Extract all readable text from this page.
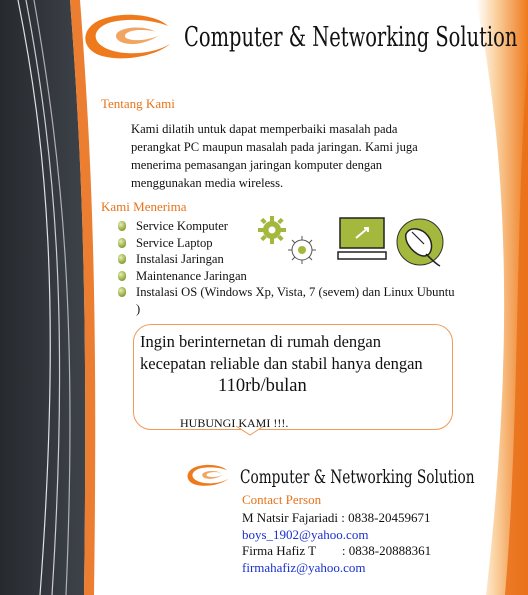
Computer & Networking Solution
Tentang Kami
Kami dilatih untuk dapat memperbaiki masalah pada perangkat PC maupun masalah pada jaringan. Kami juga menerima pemasangan jaringan komputer dengan menggunakan media wireless.
Kami Menerima
Service Komputer
Service Laptop
Instalasi Jaringan
Maintenance Jaringan
Instalasi OS (Windows Xp, Vista, 7 (sevem) dan Linux Ubuntu )
Ingin berinternetan di rumah dengan
kecepatan reliable dan stabil hanya dengan
110rb/bulan
HUBUNGI KAMI !!!.
Computer & Networking Solution
Contact Person
M Natsir Fajariadi : 0838-20459671
boys_1902@yahoo.com
Firma Hafiz T        : 0838-20888361
firmahafiz@yahoo.com
